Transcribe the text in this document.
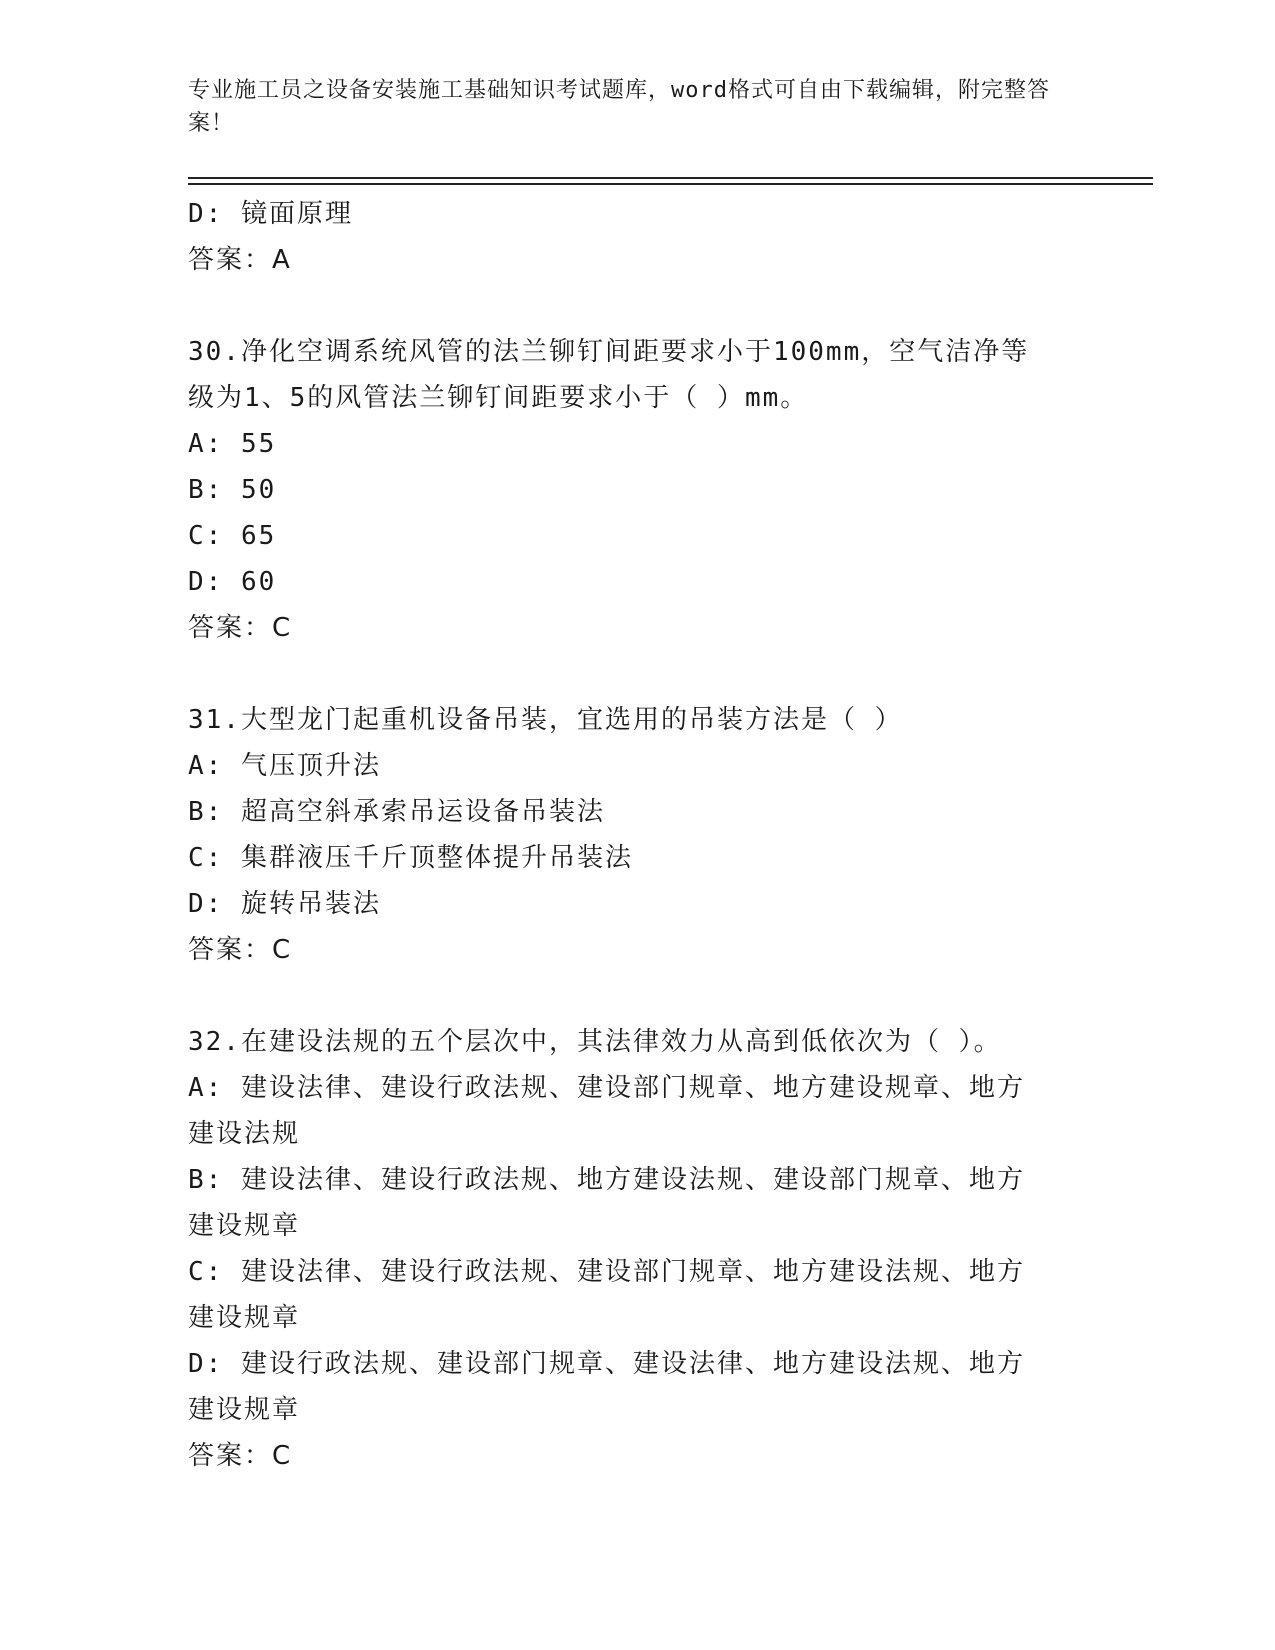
专业施工员之设备安装施工基础知识考试题库，word格式可自由下载编辑，附完整答案！
D: 镜面原理
答案：A
30.净化空调系统风管的法兰铆钉间距要求小于100mm，空气洁净等级为1、5的风管法兰铆钉间距要求小于（ ）mm。
A: 55
B: 50
C: 65
D: 60
答案：C
31.大型龙门起重机设备吊装，宜选用的吊装方法是（ ）
A: 气压顶升法
B: 超高空斜承索吊运设备吊装法
C: 集群液压千斤顶整体提升吊装法
D: 旋转吊装法
答案：C
32.在建设法规的五个层次中，其法律效力从高到低依次为（ ）。
A: 建设法律、建设行政法规、建设部门规章、地方建设规章、地方建设法规
B: 建设法律、建设行政法规、地方建设法规、建设部门规章、地方建设规章
C: 建设法律、建设行政法规、建设部门规章、地方建设法规、地方建设规章
D: 建设行政法规、建设部门规章、建设法律、地方建设法规、地方建设规章
答案：C
